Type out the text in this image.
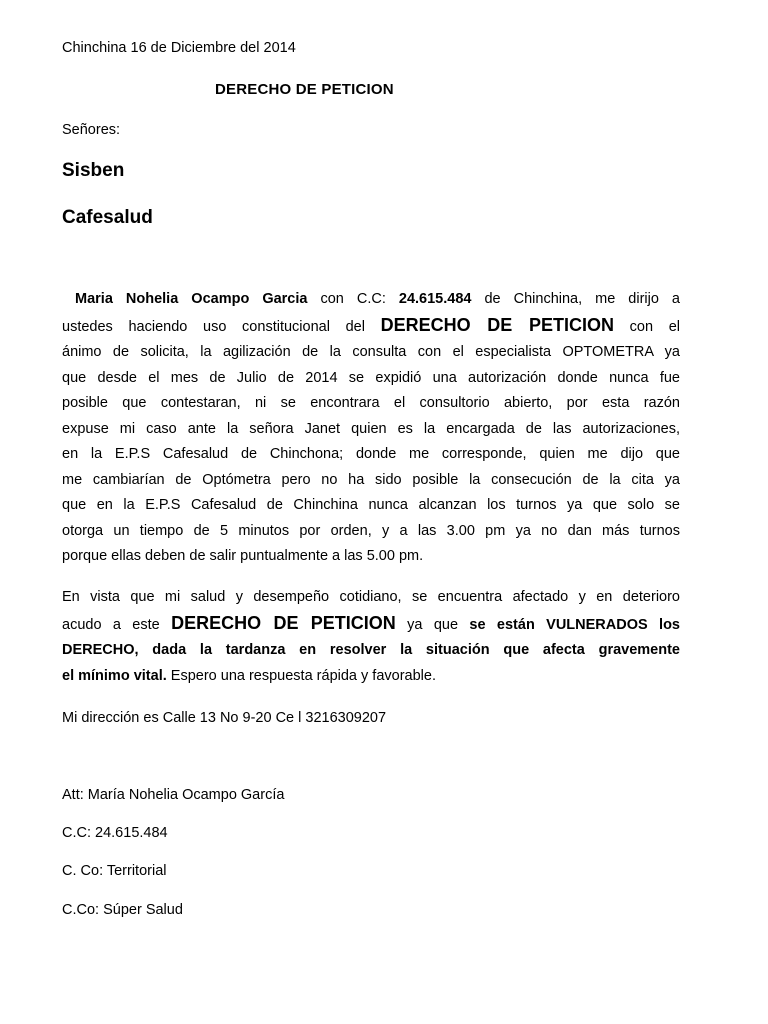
Chinchina 16 de Diciembre del 2014
DERECHO DE PETICION
Señores:
Sisben
Cafesalud
Maria Nohelia Ocampo Garcia con C.C: 24.615.484 de Chinchina, me dirijo a
ustedes haciendo uso constitucional del DERECHO DE PETICION con el
ánimo de solicita, la agilización de la consulta con el especialista OPTOMETRA ya
que desde el mes de Julio de 2014 se expidió una autorización donde nunca fue
posible que contestaran, ni se encontrara el consultorio abierto, por esta razón
expuse mi caso ante la señora Janet quien es la encargada de las autorizaciones,
en la E.P.S Cafesalud de Chinchona; donde me corresponde, quien me dijo que
me cambiarían de Optómetra pero no ha sido posible la consecución de la cita ya
que en la E.P.S Cafesalud de Chinchina nunca alcanzan los turnos ya que solo se
otorga un tiempo de 5 minutos por orden, y a las 3.00 pm ya no dan más turnos
porque ellas deben de salir puntualmente a las 5.00 pm.
En vista que mi salud y desempeño cotidiano, se encuentra afectado y en deterioro
acudo a este DERECHO DE PETICION ya que se están VULNERADOS los
DERECHO, dada la tardanza en resolver la situación que afecta gravemente
el mínimo vital. Espero una respuesta rápida y favorable.
Mi dirección es Calle 13 No 9-20 Ce l 3216309207
Att: María Nohelia Ocampo García
C.C: 24.615.484
C. Co: Territorial
C.Co: Súper Salud
